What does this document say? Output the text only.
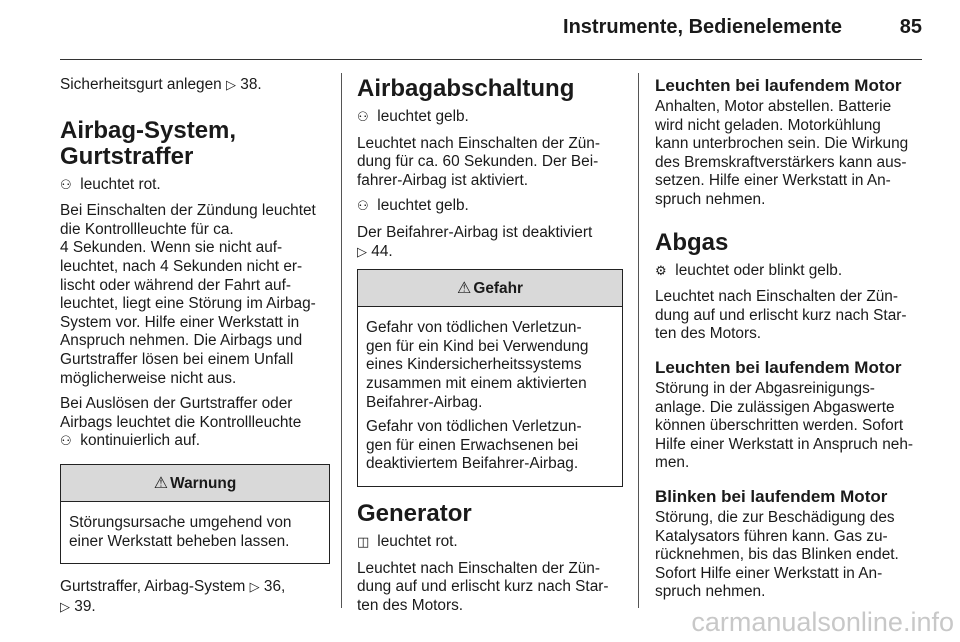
Instrumente, Bedienelemente	85

Sicherheitsgurt anlegen ▷ 38.

Airbag-System,
Gurtstraffer

⚇ leuchtet rot.

Bei Einschalten der Zündung leuchtet
die Kontrollleuchte für ca.
4 Sekunden. Wenn sie nicht auf-
leuchtet, nach 4 Sekunden nicht er-
lischt oder während der Fahrt auf-
leuchtet, liegt eine Störung im Airbag-
System vor. Hilfe einer Werkstatt in
Anspruch nehmen. Die Airbags und
Gurtstraffer lösen bei einem Unfall
möglicherweise nicht aus.

Bei Auslösen der Gurtstraffer oder
Airbags leuchtet die Kontrollleuchte
⚇ kontinuierlich auf.

⚠ Warnung

Störungsursache umgehend von
einer Werkstatt beheben lassen.

Gurtstraffer, Airbag-System ▷ 36,
▷ 39.

Airbagabschaltung

⚇ leuchtet gelb.

Leuchtet nach Einschalten der Zün-
dung für ca. 60 Sekunden. Der Bei-
fahrer-Airbag ist aktiviert.

⚇ leuchtet gelb.

Der Beifahrer-Airbag ist deaktiviert
▷ 44.

⚠ Gefahr

Gefahr von tödlichen Verletzun-
gen für ein Kind bei Verwendung
eines Kindersicherheitssystems
zusammen mit einem aktivierten
Beifahrer-Airbag.

Gefahr von tödlichen Verletzun-
gen für einen Erwachsenen bei
deaktiviertem Beifahrer-Airbag.

Generator

◫ leuchtet rot.

Leuchtet nach Einschalten der Zün-
dung auf und erlischt kurz nach Star-
ten des Motors.

Leuchten bei laufendem Motor

Anhalten, Motor abstellen. Batterie
wird nicht geladen. Motorkühlung
kann unterbrochen sein. Die Wirkung
des Bremskraftverstärkers kann aus-
setzen. Hilfe einer Werkstatt in An-
spruch nehmen.

Abgas

⚙ leuchtet oder blinkt gelb.

Leuchtet nach Einschalten der Zün-
dung auf und erlischt kurz nach Star-
ten des Motors.

Leuchten bei laufendem Motor

Störung in der Abgasreinigungs-
anlage. Die zulässigen Abgaswerte
können überschritten werden. Sofort
Hilfe einer Werkstatt in Anspruch neh-
men.

Blinken bei laufendem Motor

Störung, die zur Beschädigung des
Katalysators führen kann. Gas zu-
rücknehmen, bis das Blinken endet.
Sofort Hilfe einer Werkstatt in An-
spruch nehmen.

carmanualsonline.info
